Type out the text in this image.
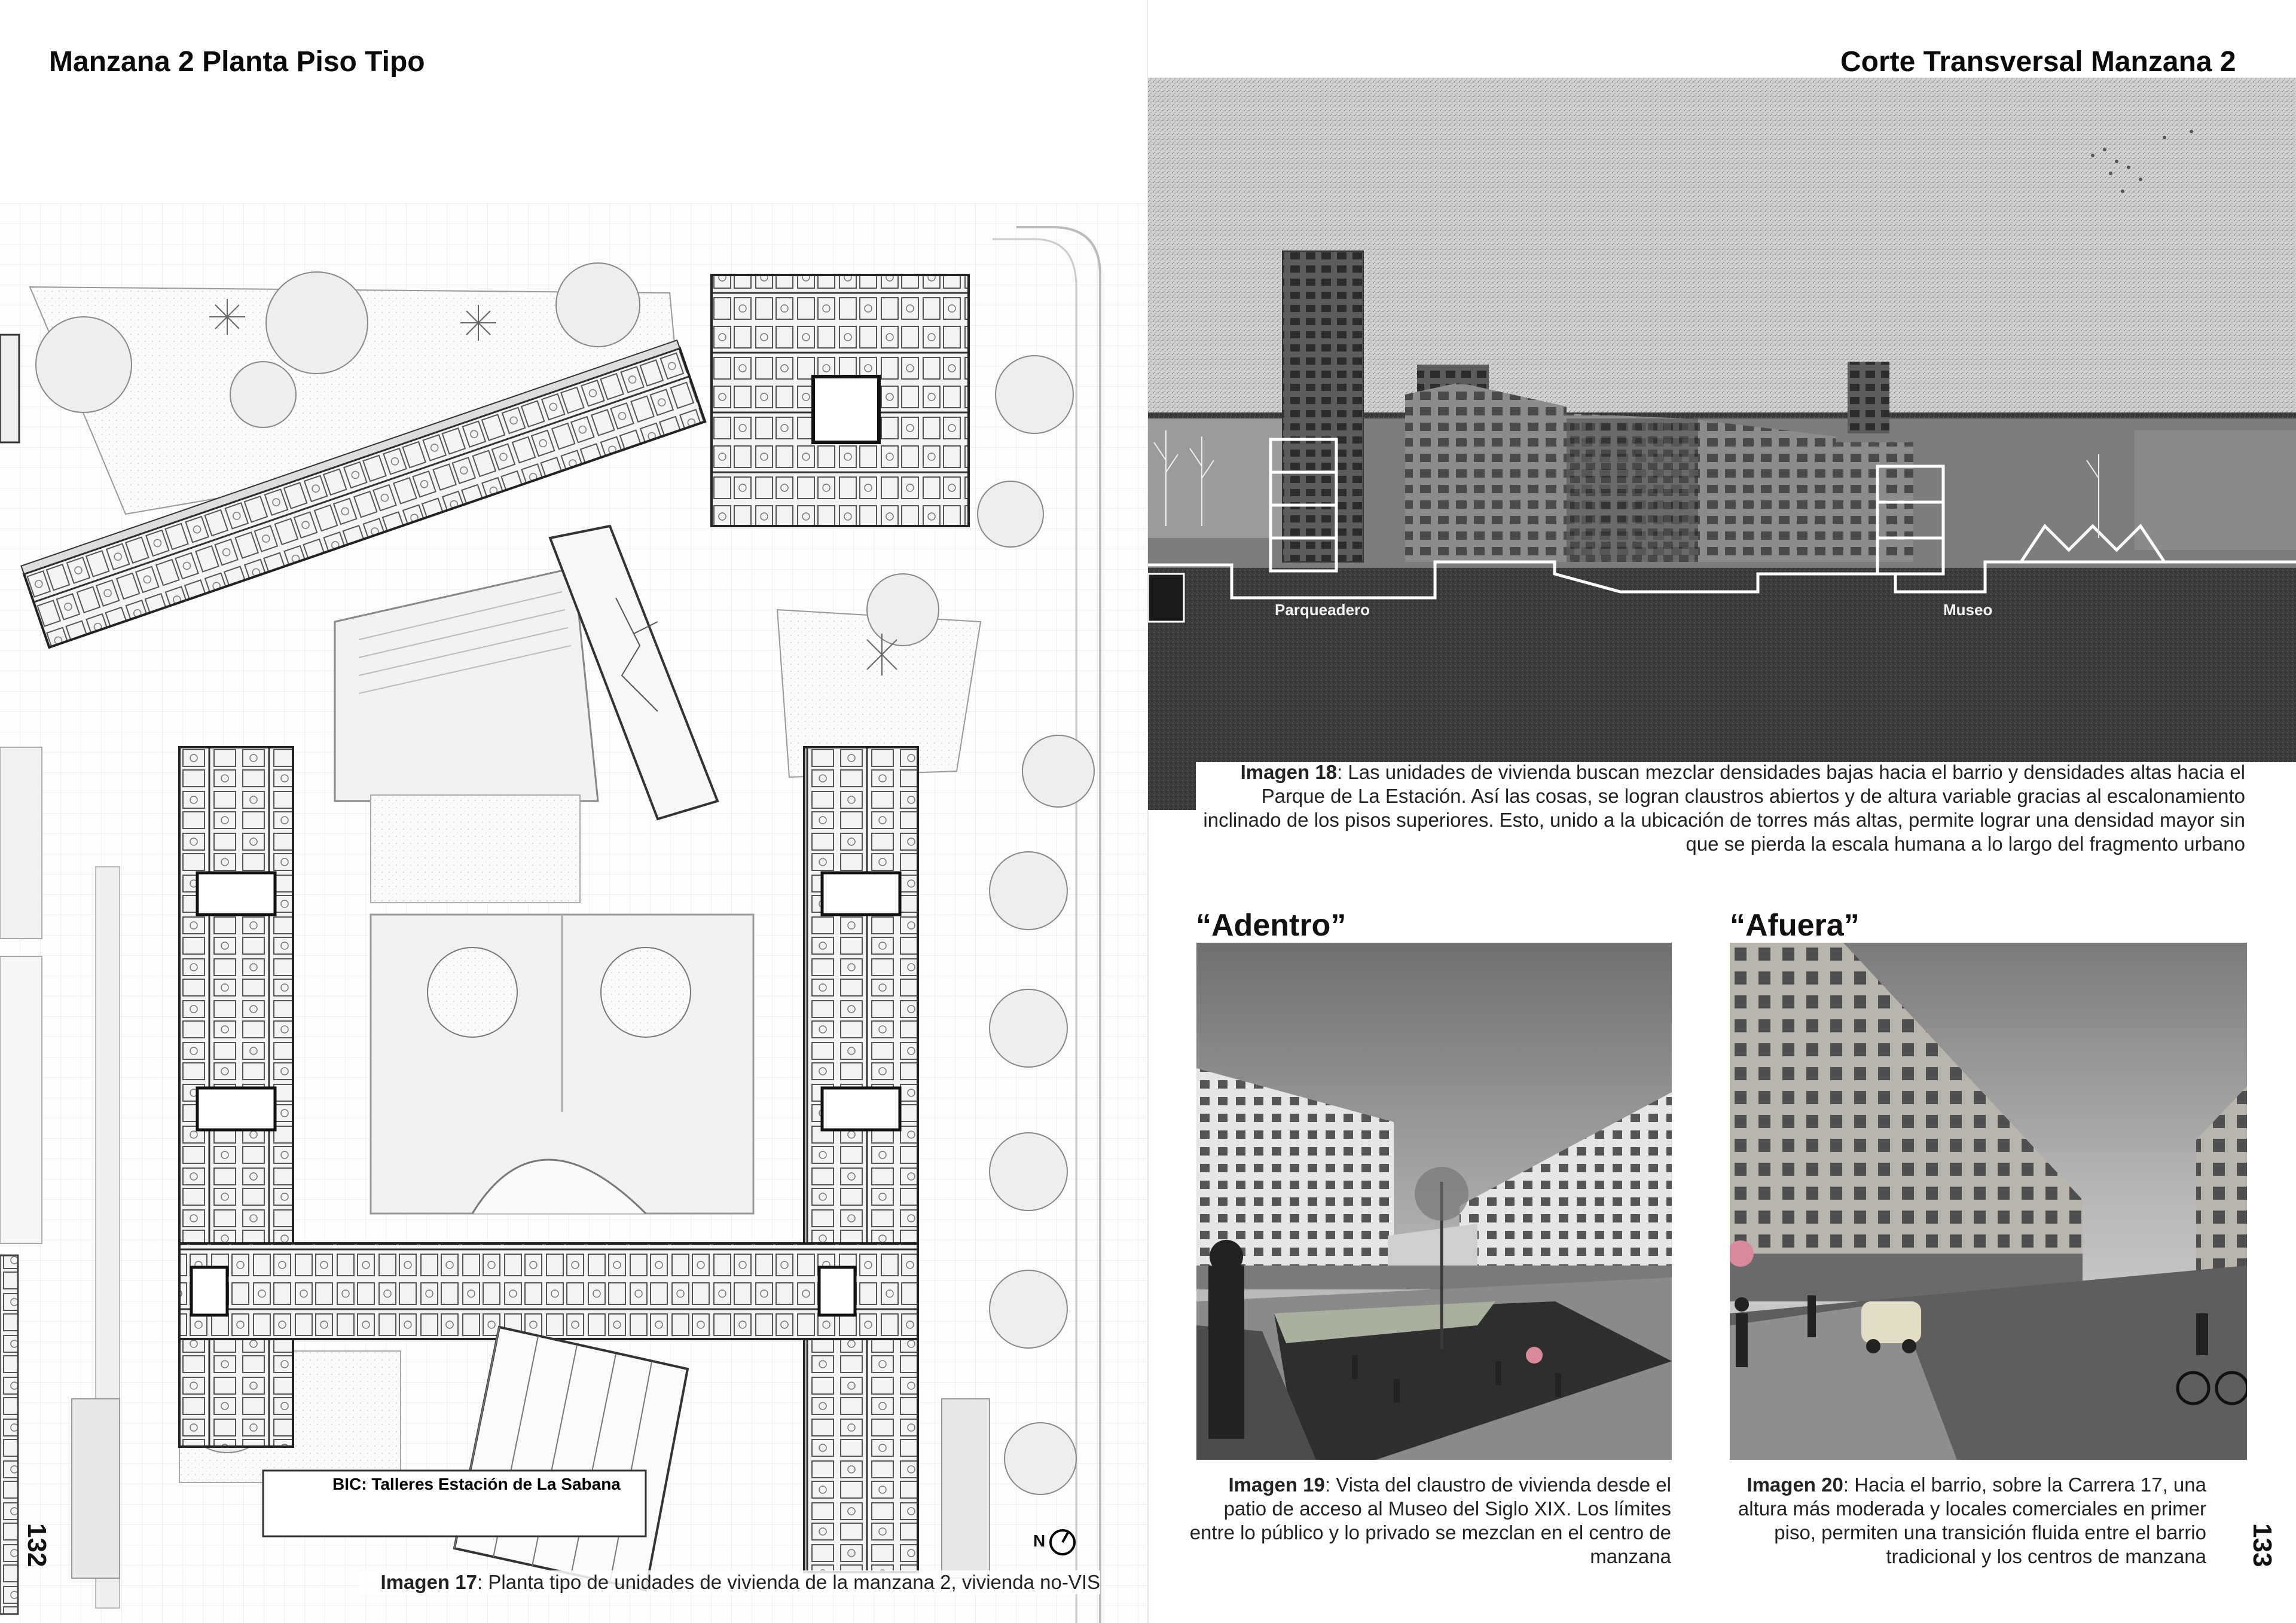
Manzana 2 Planta Piso Tipo
BIC: Talleres Estación de La Sabana
N
132
Imagen 17: Planta tipo de unidades de vivienda de la manzana 2, vivienda no-VIS
Corte Transversal Manzana 2
Parqueadero	Museo
Imagen 18: Las unidades de vivienda buscan mezclar densidades bajas hacia el barrio y densidades altas hacia el Parque de La Estación. Así las cosas, se logran claustros abiertos y de altura variable gracias al escalonamiento inclinado de los pisos superiores. Esto, unido a la ubicación de torres más altas, permite lograr una densidad mayor sin que se pierda la escala humana a lo largo del fragmento urbano
“Adentro”	“Afuera”
Imagen 19: Vista del claustro de vivienda desde el patio de acceso al Museo del Siglo XIX. Los límites entre lo público y lo privado se mezclan en el centro de manzana
Imagen 20: Hacia el barrio, sobre la Carrera 17, una altura más moderada y locales comerciales en primer piso, permiten una transición fluida entre el barrio tradicional y los centros de manzana 133
